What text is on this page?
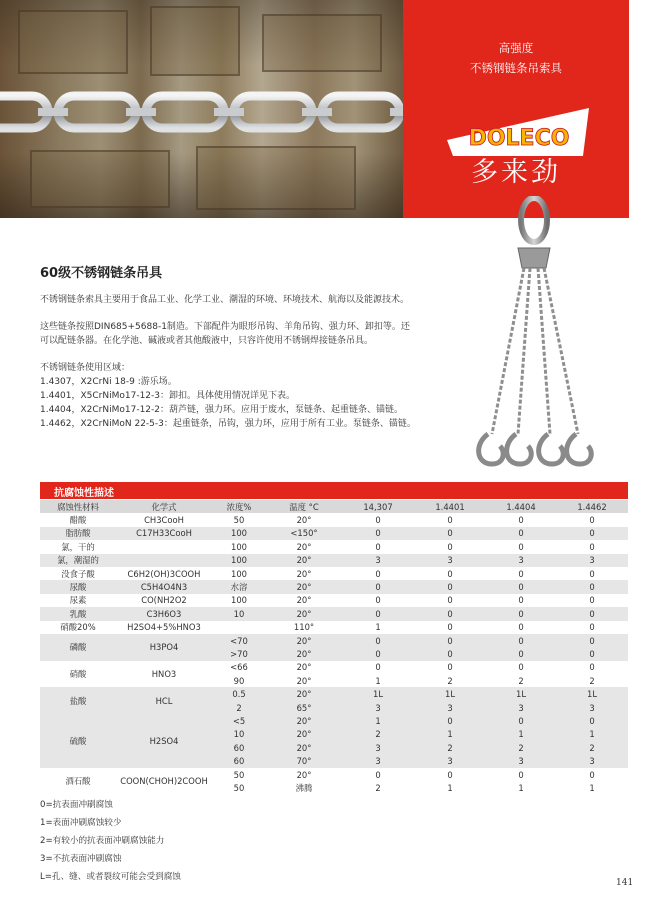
高强度
不锈钢链条吊索具
DOLECO
多来劲
60级不锈钢链条吊具
不锈钢链条索具主要用于食品工业、化学工业、潮湿的环境、环境技术、航海以及能源技术。
这些链条按照DIN685+5688-1制造。下部配件为眼形吊钩、羊角吊钩、强力环、卸扣等。还
可以配链条器。在化学池、碱液或者其他酸液中，只容许使用不锈钢焊接链条吊具。
不锈钢链条使用区域：
1.4307，X2CrNi 18-9 :游乐场。
1.4401，X5CrNiMo17-12-3：卸扣。具体使用情况详见下表。
1.4404，X2CrNiMo17-12-2：葫芦链，强力环。应用于废水，泵链条、起重链条、锚链。
1.4462，X2CrNiMoN 22-5-3：起重链条，吊钩，强力环，应用于所有工业。泵链条、锚链。
抗腐蚀性描述
腐蚀性材料	化学式	浓度%	温度 °C	14,307	1.4401	1.4404	1.4462
醋酸	CH3CooH	50	20°	0	0	0	0
脂肪酸	C17H33CooH	100	<150°	0	0	0	0
氯，干的		100	20°	0	0	0	0
氯，潮湿的		100	20°	3	3	3	3
没食子酸	C6H2(OH)3COOH	100	20°	0	0	0	0
尿酸	C5H4O4N3	水溶	20°	0	0	0	0
尿素	CO(NH2O2	100	20°	0	0	0	0
乳酸	C3H6O3	10	20°	0	0	0	0
硝酸20%	H2SO4+5%HNO3		110°	1	0	0	0
磷酸	H3PO4	<70	20°	0	0	0	0
		>70	20°	0	0	0	0
硝酸	HNO3	<66	20°	0	0	0	0
		90	20°	1	2	2	2
盐酸	HCL	0.5	20°	1L	1L	1L	1L
		2	65°	3	3	3	3
硫酸	H2SO4	<5	20°	1	0	0	0
		10	20°	2	1	1	1
		60	20°	3	2	2	2
		60	70°	3	3	3	3
酒石酸	COON(CHOH)2COOH	50	20°	0	0	0	0
		50	沸腾	2	1	1	1
0=抗表面冲刷腐蚀
1=表面冲刷腐蚀较少
2=有较小的抗表面冲刷腐蚀能力
3=不抗表面冲刷腐蚀
L=孔、缝、或者裂纹可能会受到腐蚀
141
